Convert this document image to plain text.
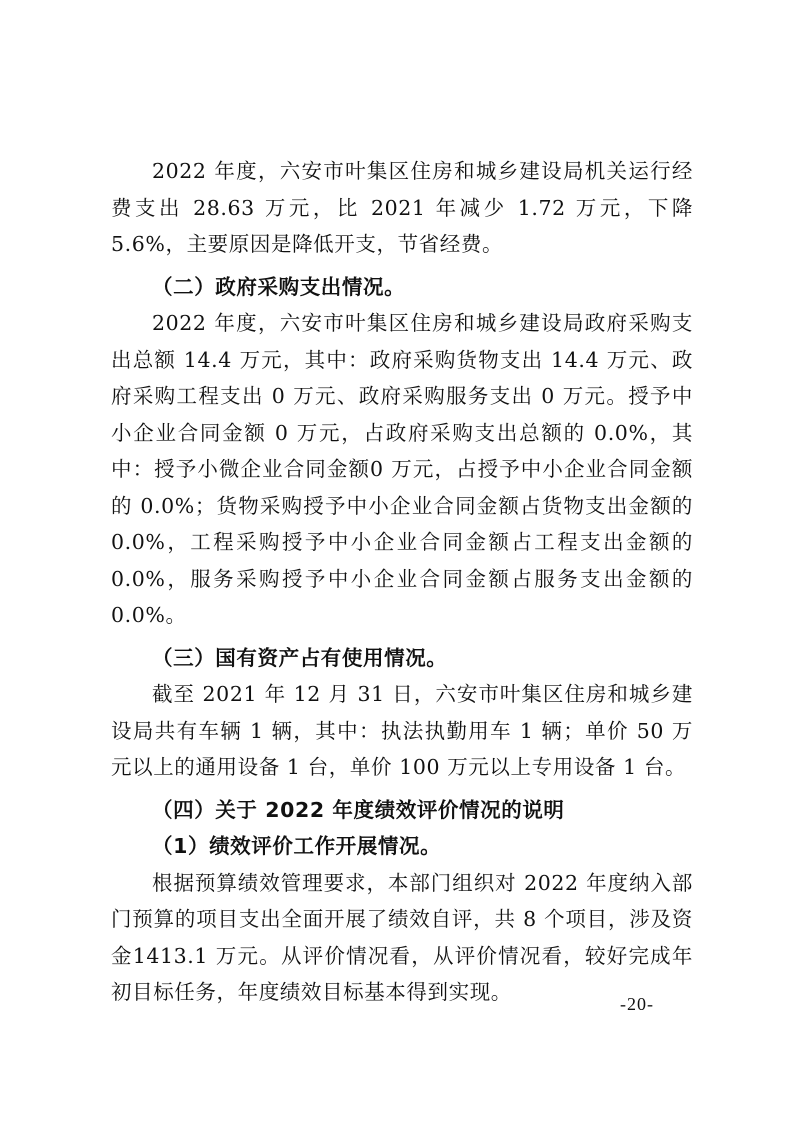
2022 年度，六安市叶集区住房和城乡建设局机关运行经费支出 28.63 万元，比 2021 年减少 1.72 万元，下降 5.6%，主要原因是降低开支，节省经费。

（二）政府采购支出情况。

2022 年度，六安市叶集区住房和城乡建设局政府采购支出总额 14.4 万元，其中：政府采购货物支出 14.4 万元、政府采购工程支出 0 万元、政府采购服务支出 0 万元。授予中小企业合同金额 0 万元，占政府采购支出总额的 0.0%，其中：授予小微企业合同金额0 万元，占授予中小企业合同金额的 0.0%；货物采购授予中小企业合同金额占货物支出金额的 0.0%，工程采购授予中小企业合同金额占工程支出金额的 0.0%，服务采购授予中小企业合同金额占服务支出金额的 0.0%。

（三）国有资产占有使用情况。

截至 2021 年 12 月 31 日，六安市叶集区住房和城乡建设局共有车辆 1 辆，其中：执法执勤用车 1 辆；单价 50 万元以上的通用设备 1 台，单价 100 万元以上专用设备 1 台。

（四）关于 2022 年度绩效评价情况的说明

（1）绩效评价工作开展情况。

根据预算绩效管理要求，本部门组织对 2022 年度纳入部门预算的项目支出全面开展了绩效自评，共 8 个项目，涉及资金1413.1 万元。从评价情况看，从评价情况看，较好完成年初目标任务，年度绩效目标基本得到实现。	-20-
